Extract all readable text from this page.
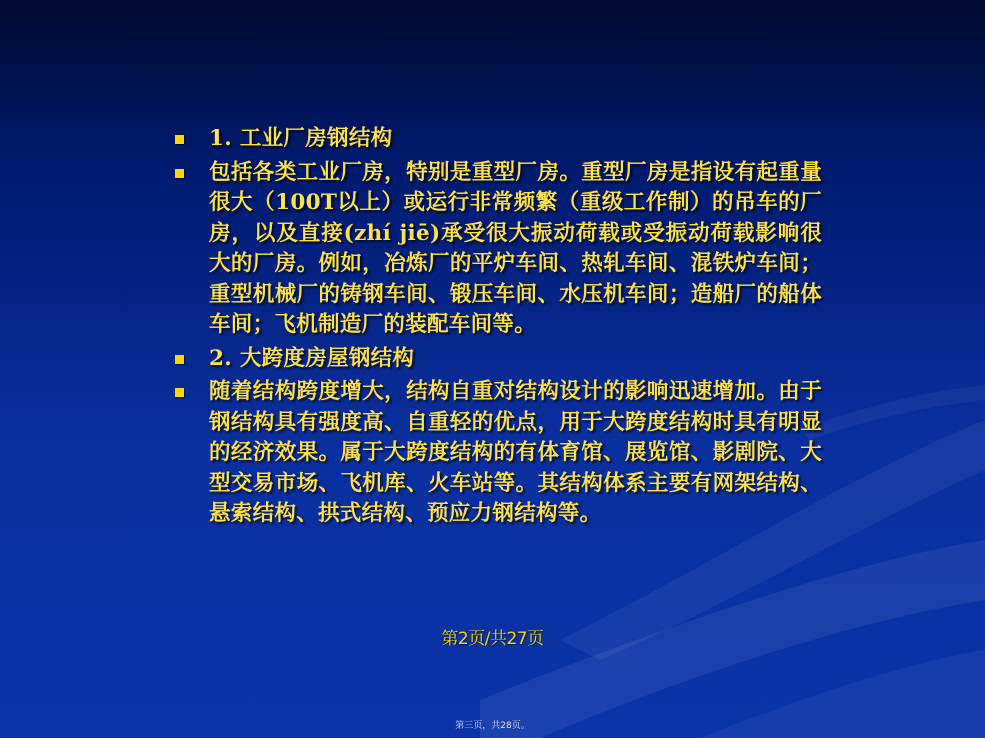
1. 工业厂房钢结构
包括各类工业厂房，特别是重型厂房。重型厂房是指设有起重量很大（100T以上）或运行非常频繁（重级工作制）的吊车的厂房，以及直接(zhí jiē)承受很大振动荷载或受振动荷载影响很大的厂房。例如，冶炼厂的平炉车间、热轧车间、混铁炉车间；重型机械厂的铸钢车间、锻压车间、水压机车间；造船厂的船体车间；飞机制造厂的装配车间等。
2. 大跨度房屋钢结构
随着结构跨度增大，结构自重对结构设计的影响迅速增加。由于钢结构具有强度高、自重轻的优点，用于大跨度结构时具有明显的经济效果。属于大跨度结构的有体育馆、展览馆、影剧院、大型交易市场、飞机库、火车站等。其结构体系主要有网架结构、悬索结构、拱式结构、预应力钢结构等。
第2页/共27页
第三页，共28页。
